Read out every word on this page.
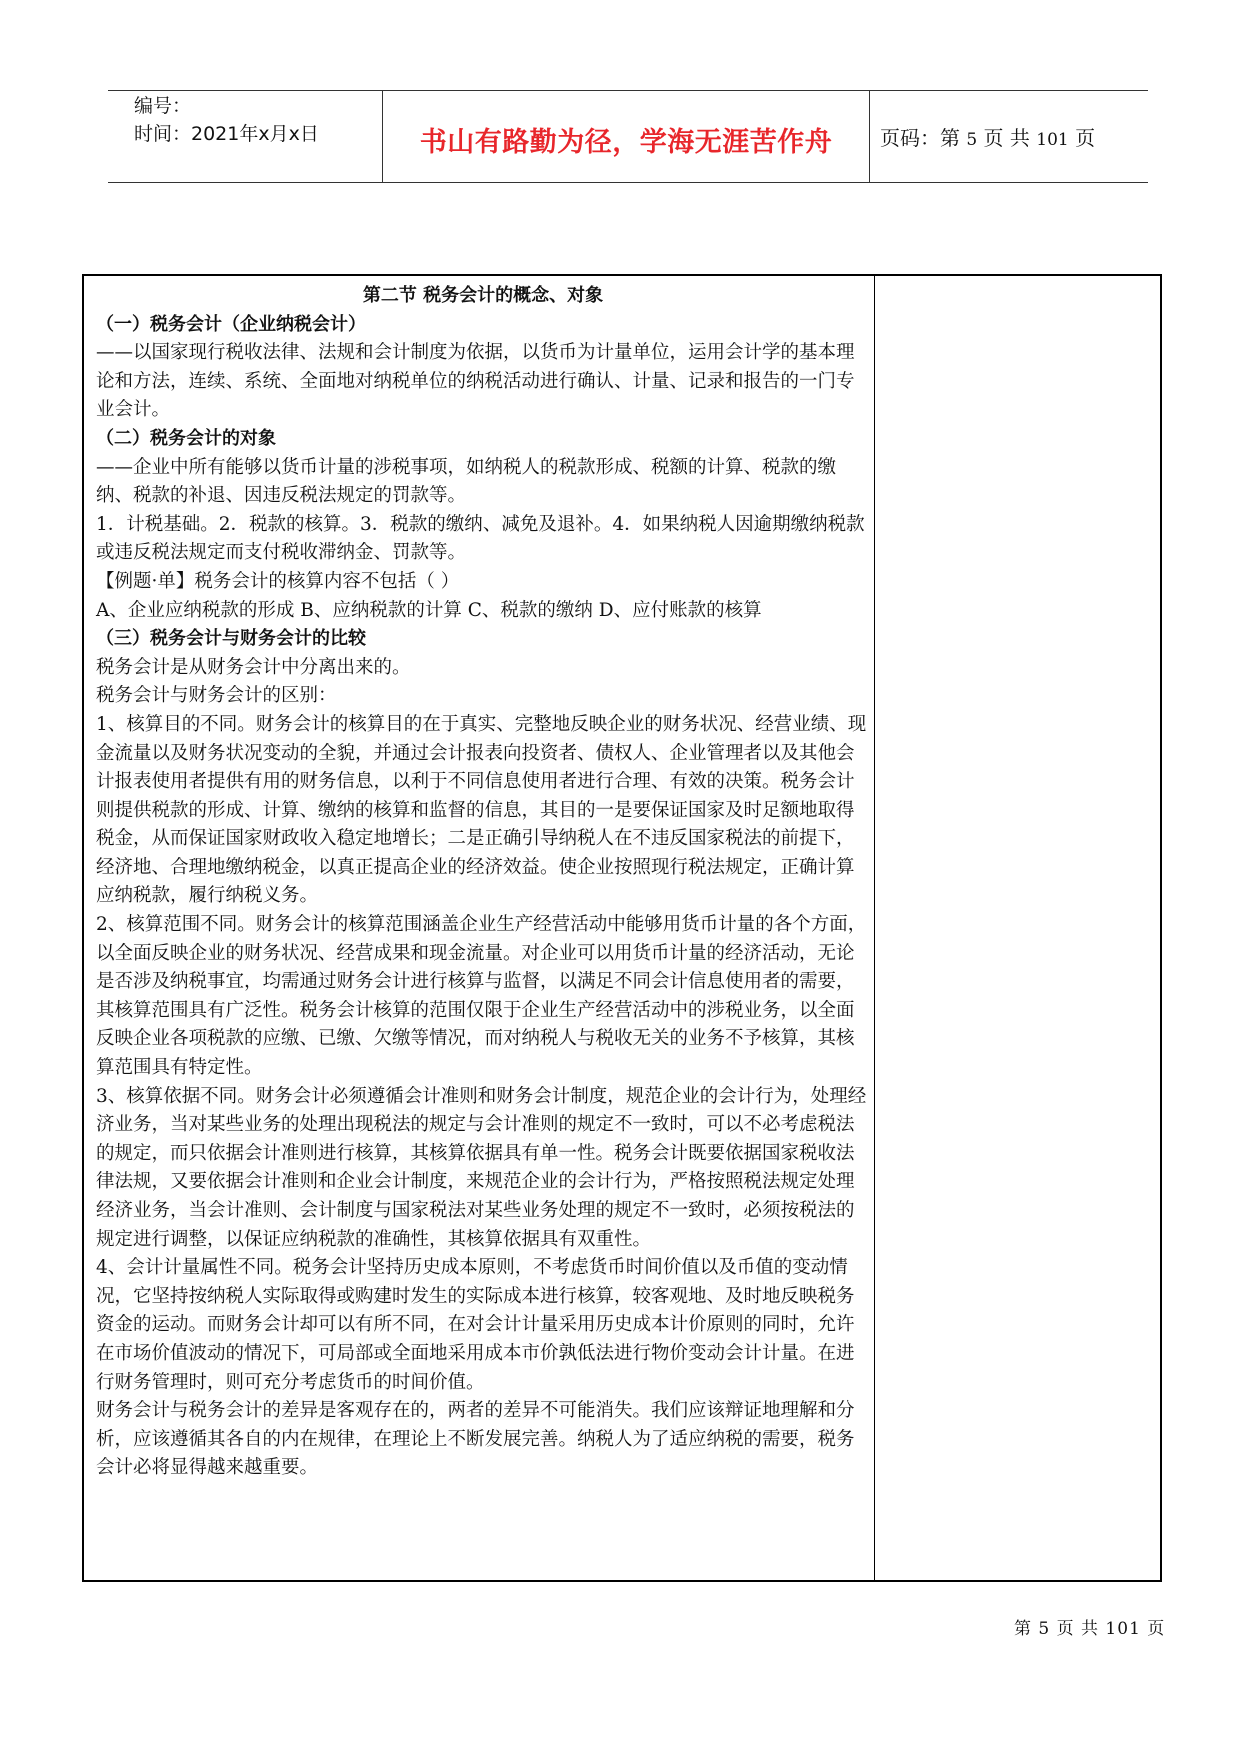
编号：
时间：2021年x月x日	书山有路勤为径，学海无涯苦作舟	页码：第 5 页 共 101 页

第二节 税务会计的概念、对象

（一）税务会计（企业纳税会计）

——以国家现行税收法律、法规和会计制度为依据，以货币为计量单位，运用会计学的基本理论和方法，连续、系统、全面地对纳税单位的纳税活动进行确认、计量、记录和报告的一门专业会计。

（二）税务会计的对象

——企业中所有能够以货币计量的涉税事项，如纳税人的税款形成、税额的计算、税款的缴纳、税款的补退、因违反税法规定的罚款等。

1．计税基础。2．税款的核算。3．税款的缴纳、减免及退补。4．如果纳税人因逾期缴纳税款或违反税法规定而支付税收滞纳金、罚款等。

【例题·单】税务会计的核算内容不包括（ ）

A、企业应纳税款的形成 B、应纳税款的计算 C、税款的缴纳 D、应付账款的核算

（三）税务会计与财务会计的比较

税务会计是从财务会计中分离出来的。

税务会计与财务会计的区别：

1、核算目的不同。财务会计的核算目的在于真实、完整地反映企业的财务状况、经营业绩、现金流量以及财务状况变动的全貌，并通过会计报表向投资者、债权人、企业管理者以及其他会计报表使用者提供有用的财务信息，以利于不同信息使用者进行合理、有效的决策。税务会计则提供税款的形成、计算、缴纳的核算和监督的信息，其目的一是要保证国家及时足额地取得税金，从而保证国家财政收入稳定地增长；二是正确引导纳税人在不违反国家税法的前提下，经济地、合理地缴纳税金，以真正提高企业的经济效益。使企业按照现行税法规定，正确计算应纳税款，履行纳税义务。

2、核算范围不同。财务会计的核算范围涵盖企业生产经营活动中能够用货币计量的各个方面，以全面反映企业的财务状况、经营成果和现金流量。对企业可以用货币计量的经济活动，无论是否涉及纳税事宜，均需通过财务会计进行核算与监督，以满足不同会计信息使用者的需要，其核算范围具有广泛性。税务会计核算的范围仅限于企业生产经营活动中的涉税业务，以全面反映企业各项税款的应缴、已缴、欠缴等情况，而对纳税人与税收无关的业务不予核算，其核算范围具有特定性。

3、核算依据不同。财务会计必须遵循会计准则和财务会计制度，规范企业的会计行为，处理经济业务，当对某些业务的处理出现税法的规定与会计准则的规定不一致时，可以不必考虑税法的规定，而只依据会计准则进行核算，其核算依据具有单一性。税务会计既要依据国家税收法律法规，又要依据会计准则和企业会计制度，来规范企业的会计行为，严格按照税法规定处理经济业务，当会计准则、会计制度与国家税法对某些业务处理的规定不一致时，必须按税法的规定进行调整，以保证应纳税款的准确性，其核算依据具有双重性。

4、会计计量属性不同。税务会计坚持历史成本原则，不考虑货币时间价值以及币值的变动情况，它坚持按纳税人实际取得或购建时发生的实际成本进行核算，较客观地、及时地反映税务资金的运动。而财务会计却可以有所不同，在对会计计量采用历史成本计价原则的同时，允许在市场价值波动的情况下，可局部或全面地采用成本市价孰低法进行物价变动会计计量。在进行财务管理时，则可充分考虑货币的时间价值。

财务会计与税务会计的差异是客观存在的，两者的差异不可能消失。我们应该辩证地理解和分析，应该遵循其各自的内在规律，在理论上不断发展完善。纳税人为了适应纳税的需要，税务会计必将显得越来越重要。

第 5 页 共 101 页
